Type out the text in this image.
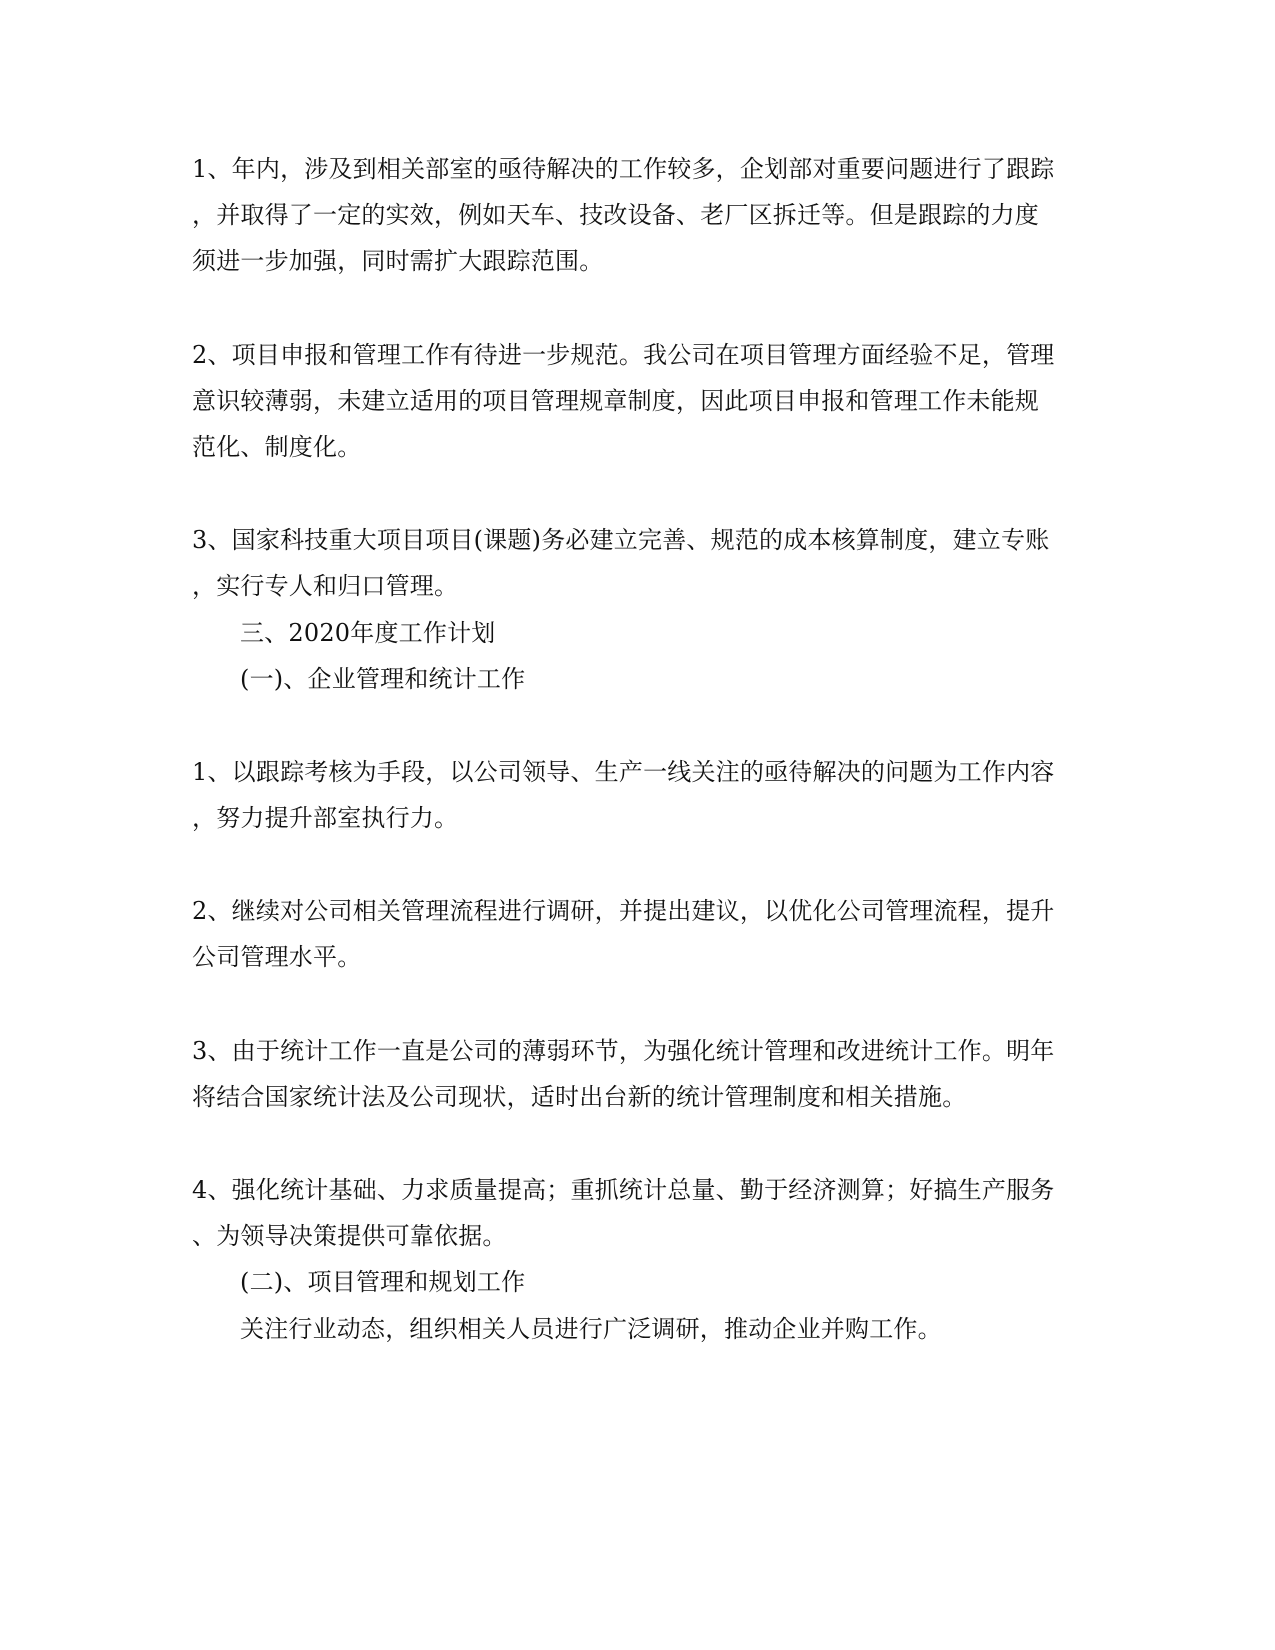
1、年内，涉及到相关部室的亟待解决的工作较多，企划部对重要问题进行了跟踪
，并取得了一定的实效，例如天车、技改设备、老厂区拆迁等。但是跟踪的力度
须进一步加强，同时需扩大跟踪范围。
2、项目申报和管理工作有待进一步规范。我公司在项目管理方面经验不足，管理
意识较薄弱，未建立适用的项目管理规章制度，因此项目申报和管理工作未能规
范化、制度化。
3、国家科技重大项目项目(课题)务必建立完善、规范的成本核算制度，建立专账
，实行专人和归口管理。
三、2020年度工作计划
(一)、企业管理和统计工作
1、以跟踪考核为手段，以公司领导、生产一线关注的亟待解决的问题为工作内容
，努力提升部室执行力。
2、继续对公司相关管理流程进行调研，并提出建议，以优化公司管理流程，提升
公司管理水平。
3、由于统计工作一直是公司的薄弱环节，为强化统计管理和改进统计工作。明年
将结合国家统计法及公司现状，适时出台新的统计管理制度和相关措施。
4、强化统计基础、力求质量提高；重抓统计总量、勤于经济测算；好搞生产服务
、为领导决策提供可靠依据。
(二)、项目管理和规划工作
关注行业动态，组织相关人员进行广泛调研，推动企业并购工作。
